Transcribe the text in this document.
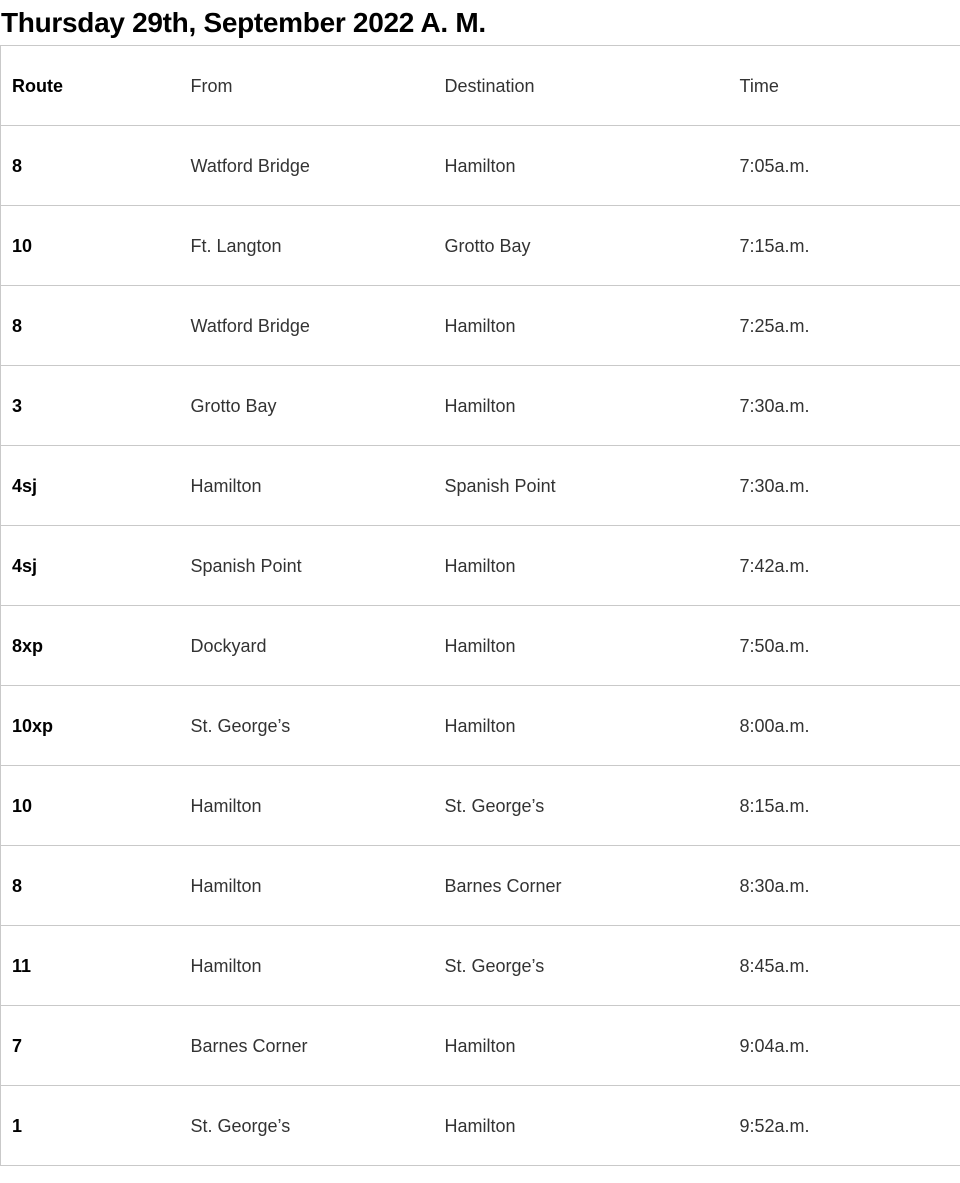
Thursday 29th, September 2022 A. M.
Route	From	Destination	Time
8	Watford Bridge	Hamilton	7:05a.m.
10	Ft. Langton	Grotto Bay	7:15a.m.
8	Watford Bridge	Hamilton	7:25a.m.
3	Grotto Bay	Hamilton	7:30a.m.
4sj	Hamilton	Spanish Point	7:30a.m.
4sj	Spanish Point	Hamilton	7:42a.m.
8xp	Dockyard	Hamilton	7:50a.m.
10xp	St. George’s	Hamilton	8:00a.m.
10	Hamilton	St. George’s	8:15a.m.
8	Hamilton	Barnes Corner	8:30a.m.
11	Hamilton	St. George’s	8:45a.m.
7	Barnes Corner	Hamilton	9:04a.m.
1	St. George’s	Hamilton	9:52a.m.
